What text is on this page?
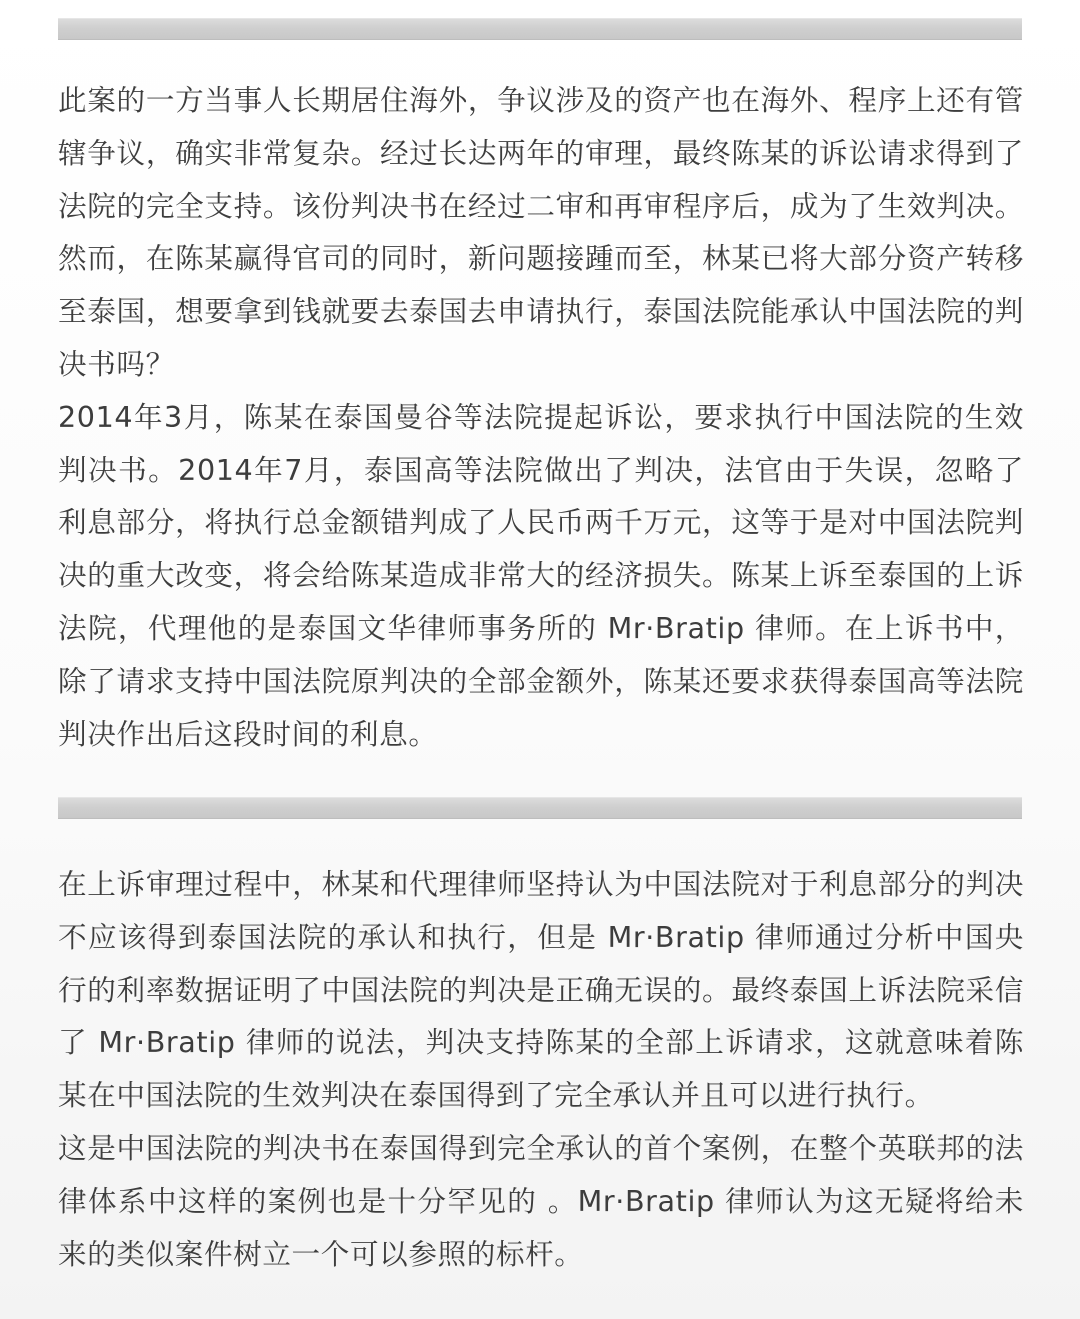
此案的一方当事人长期居住海外，争议涉及的资产也在海外、程序上还有管辖争议，确实非常复杂。经过长达两年的审理，最终陈某的诉讼请求得到了法院的完全支持。该份判决书在经过二审和再审程序后，成为了生效判决。然而，在陈某赢得官司的同时，新问题接踵而至，林某已将大部分资产转移至泰国，想要拿到钱就要去泰国去申请执行，泰国法院能承认中国法院的判决书吗？

2014年3月，陈某在泰国曼谷等法院提起诉讼，要求执行中国法院的生效判决书。2014年7月，泰国高等法院做出了判决，法官由于失误，忽略了利息部分，将执行总金额错判成了人民币两千万元，这等于是对中国法院判决的重大改变，将会给陈某造成非常大的经济损失。陈某上诉至泰国的上诉法院，代理他的是泰国文华律师事务所的 Mr·Bratip 律师。在上诉书中，除了请求支持中国法院原判决的全部金额外，陈某还要求获得泰国高等法院判决作出后这段时间的利息。

在上诉审理过程中，林某和代理律师坚持认为中国法院对于利息部分的判决不应该得到泰国法院的承认和执行，但是 Mr·Bratip 律师通过分析中国央行的利率数据证明了中国法院的判决是正确无误的。最终泰国上诉法院采信了 Mr·Bratip 律师的说法，判决支持陈某的全部上诉请求，这就意味着陈某在中国法院的生效判决在泰国得到了完全承认并且可以进行执行。

这是中国法院的判决书在泰国得到完全承认的首个案例，在整个英联邦的法律体系中这样的案例也是十分罕见的 。Mr·Bratip 律师认为这无疑将给未来的类似案件树立一个可以参照的标杆。
